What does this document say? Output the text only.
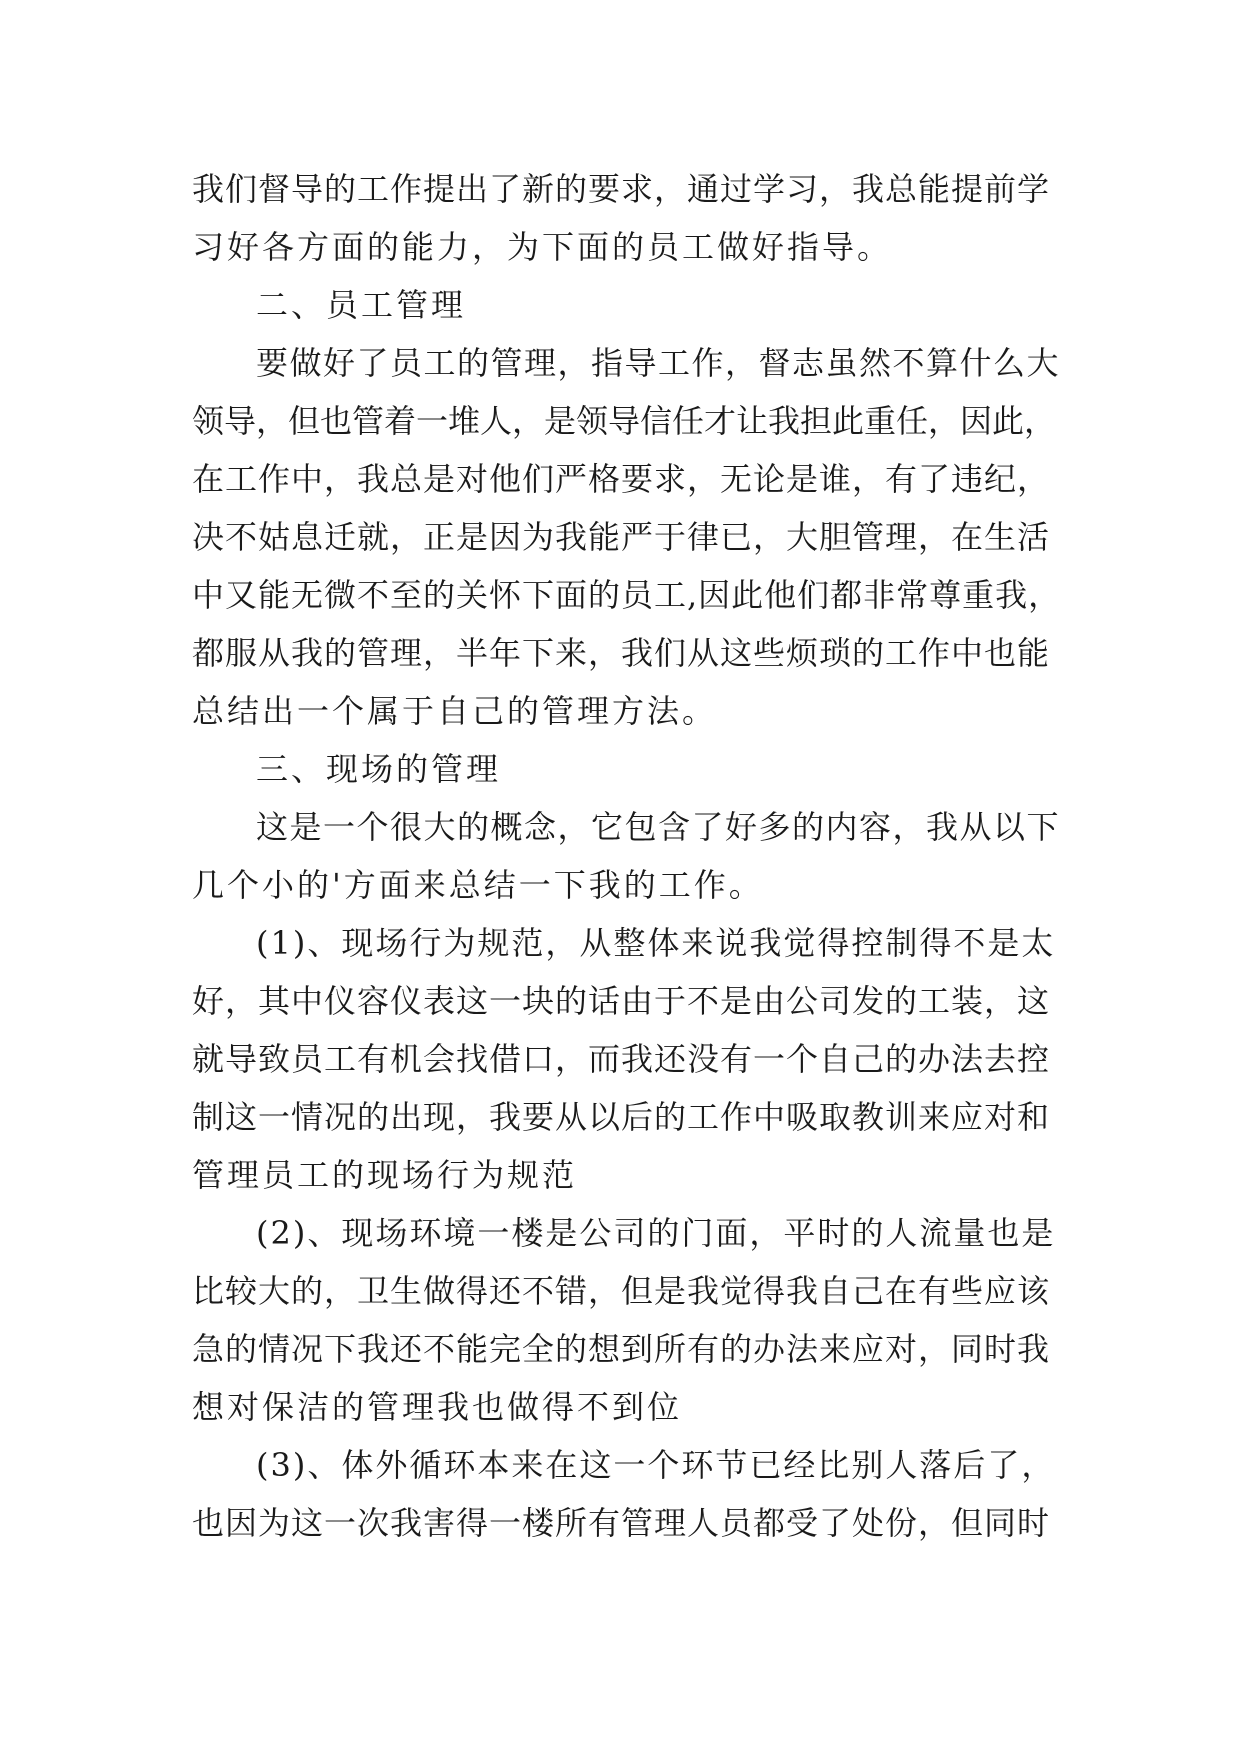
我们督导的工作提出了新的要求，通过学习，我总能提前学
习好各方面的能力，为下面的员工做好指导。
二、员工管理
要做好了员工的管理，指导工作，督志虽然不算什么大
领导，但也管着一堆人，是领导信任才让我担此重任，因此，
在工作中，我总是对他们严格要求，无论是谁，有了违纪，
决不姑息迁就，正是因为我能严于律已，大胆管理，在生活
中又能无微不至的关怀下面的员工,因此他们都非常尊重我，
都服从我的管理，半年下来，我们从这些烦琐的工作中也能
总结出一个属于自己的管理方法。
三、现场的管理
这是一个很大的概念，它包含了好多的内容，我从以下
几个小的'方面来总结一下我的工作。
(1)、现场行为规范，从整体来说我觉得控制得不是太
好，其中仪容仪表这一块的话由于不是由公司发的工装，这
就导致员工有机会找借口，而我还没有一个自己的办法去控
制这一情况的出现，我要从以后的工作中吸取教训来应对和
管理员工的现场行为规范
(2)、现场环境一楼是公司的门面，平时的人流量也是
比较大的，卫生做得还不错，但是我觉得我自己在有些应该
急的情况下我还不能完全的想到所有的办法来应对，同时我
想对保洁的管理我也做得不到位
(3)、体外循环本来在这一个环节已经比别人落后了，
也因为这一次我害得一楼所有管理人员都受了处份，但同时
